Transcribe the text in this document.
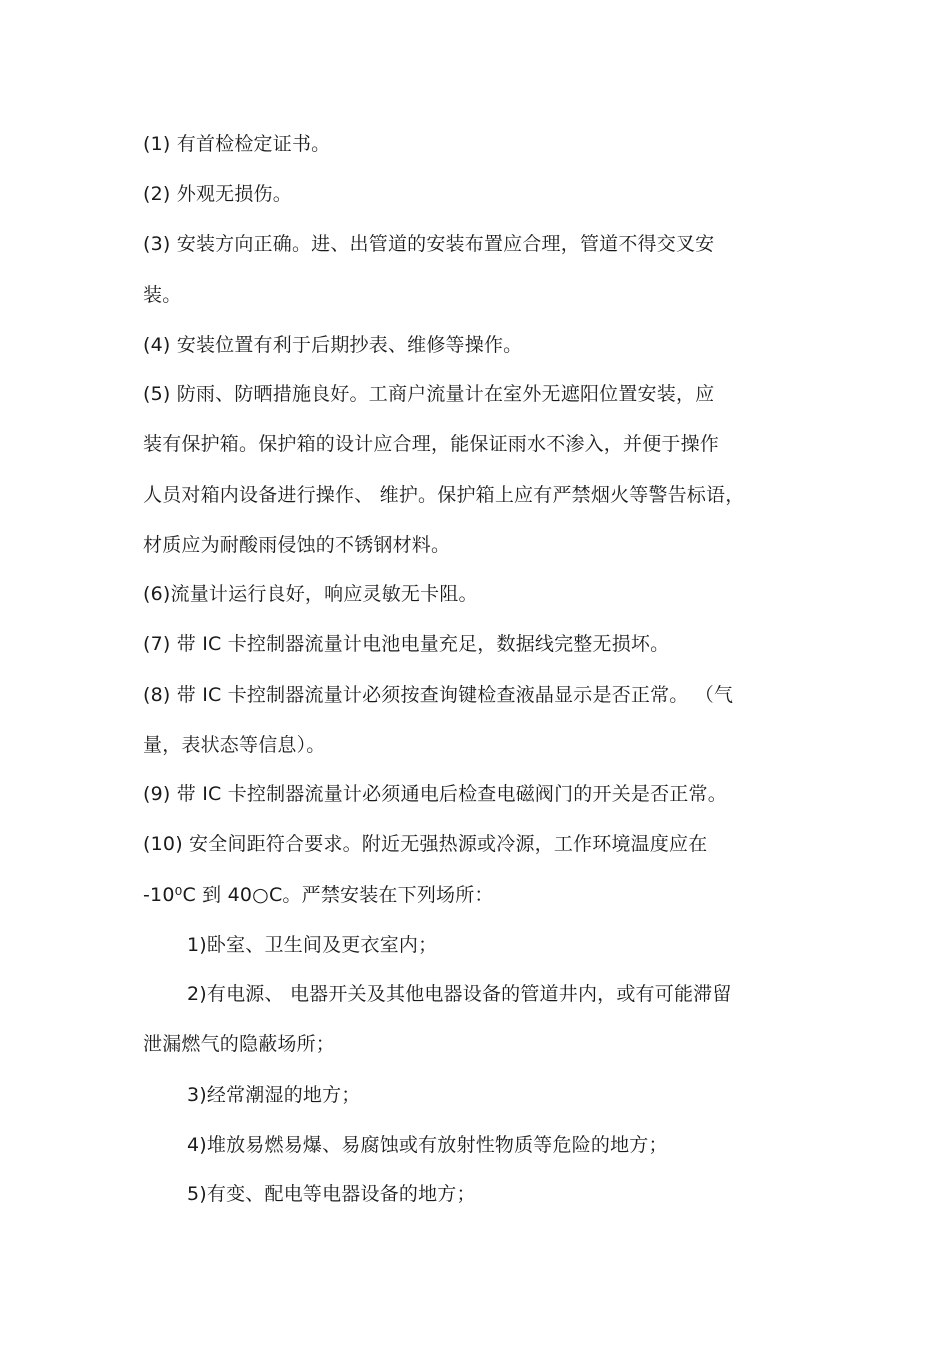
(1) 有首检检定证书。
(2) 外观无损伤。
(3) 安装方向正确。进、出管道的安装布置应合理，管道不得交叉安
装。
(4) 安装位置有利于后期抄表、维修等操作。
(5) 防雨、防晒措施良好。工商户流量计在室外无遮阳位置安装，应
装有保护箱。保护箱的设计应合理，能保证雨水不渗入，并便于操作
人员对箱内设备进行操作、 维护。保护箱上应有严禁烟火等警告标语，
材质应为耐酸雨侵蚀的不锈钢材料。
(6)流量计运行良好，响应灵敏无卡阻。
(7) 带 IC 卡控制器流量计电池电量充足，数据线完整无损坏。
(8) 带 IC 卡控制器流量计必须按查询键检查液晶显示是否正常。 （气
量，表状态等信息）。
(9) 带 IC 卡控制器流量计必须通电后检查电磁阀门的开关是否正常。
(10) 安全间距符合要求。附近无强热源或冷源，工作环境温度应在
-10⁰C 到 40○C。严禁安装在下列场所：
1)卧室、卫生间及更衣室内；
2)有电源、 电器开关及其他电器设备的管道井内，或有可能滞留
泄漏燃气的隐蔽场所；
3)经常潮湿的地方；
4)堆放易燃易爆、易腐蚀或有放射性物质等危险的地方；
5)有变、配电等电器设备的地方；
